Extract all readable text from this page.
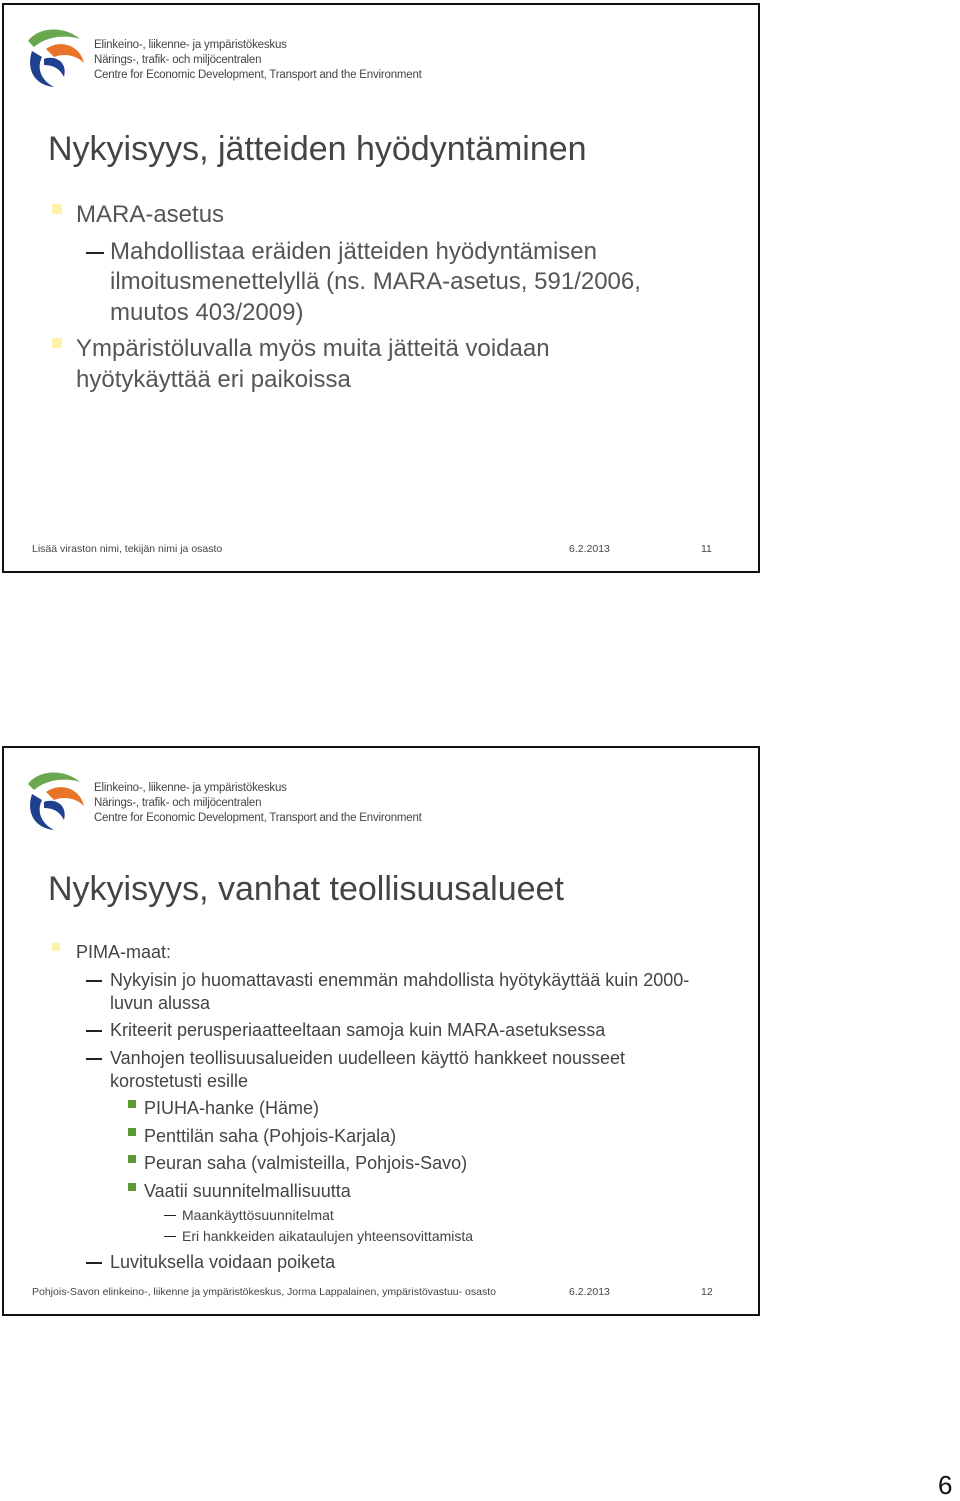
Elinkeino-, liikenne- ja ympäristökeskus
Närings-, trafik- och miljöcentralen
Centre for Economic Development, Transport and the Environment
Nykyisyys, jätteiden hyödyntäminen
MARA-asetus
Mahdollistaa eräiden jätteiden hyödyntämisen
ilmoitusmenettelyllä (ns. MARA-asetus, 591/2006,
muutos 403/2009)
Ympäristöluvalla myös muita jätteitä voidaan
hyötykäyttää eri paikoissa
Lisää viraston nimi, tekijän nimi ja osasto	6.2.2013	11
Elinkeino-, liikenne- ja ympäristökeskus
Närings-, trafik- och miljöcentralen
Centre for Economic Development, Transport and the Environment
Nykyisyys, vanhat teollisuusalueet
PIMA-maat:
Nykyisin jo huomattavasti enemmän mahdollista hyötykäyttää kuin 2000-
luvun alussa
Kriteerit perusperiaatteeltaan samoja kuin MARA-asetuksessa
Vanhojen teollisuusalueiden uudelleen käyttö hankkeet nousseet
korostetusti esille
PIUHA-hanke (Häme)
Penttilän saha (Pohjois-Karjala)
Peuran saha (valmisteilla, Pohjois-Savo)
Vaatii suunnitelmallisuutta
Maankäyttösuunnitelmat
Eri hankkeiden aikataulujen yhteensovittamista
Luvituksella voidaan poiketa
Pohjois-Savon elinkeino-, liikenne ja ympäristökeskus, Jorma Lappalainen, ympäristövastuu- osasto	6.2.2013	12
6
